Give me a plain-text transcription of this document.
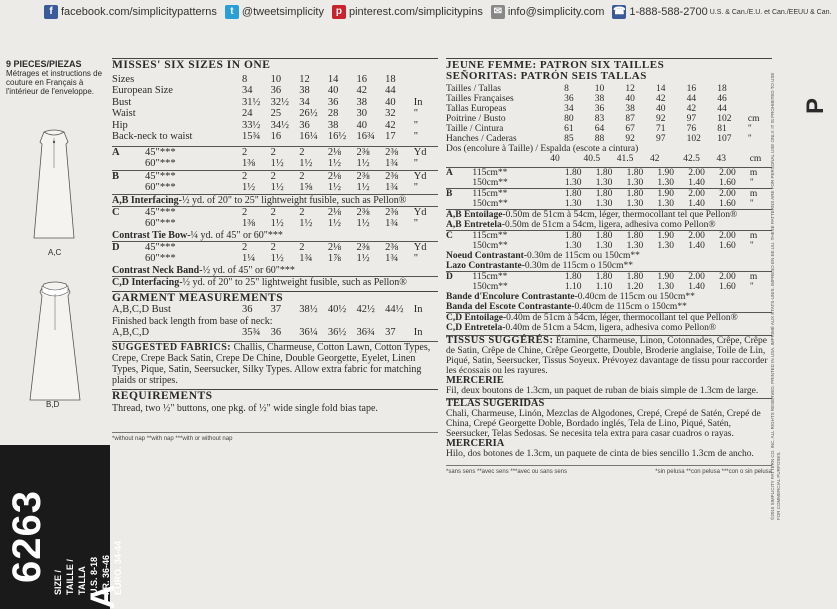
f facebook.com/simplicitypatterns	t @tweetsimplicity	p pinterest.com/simplicitypins ✉ info@simplicity.com ☎ 1-888-588-2700 U.S. & Can./E.U. et Can./EEUU & Can.
9 PIECES/PIEZAS
Métrages et instructions de couture en Français à l'intérieur de l'enveloppe.
A,C
B,D
6263 SIZE / TAILLE / TALLA U.S. 8-18 FR. 36-46 EURO. 34-44
A
MISSES' SIX SIZES IN ONE
Sizes	8	10	12	14	16	18	
European Size	34	36	38	40	42	44	
Bust	31½	32½	34	36	38	40	In
Waist	24	25	26½	28	30	32	"
Hip	33½	34½	36	38	40	42	"
Back-neck to waist	15¾	16	16¼	16½	16¾	17	"
A	45"***	2	2	2	2⅛	2⅜	2⅜	Yd
	60"***	1⅜	1½	1½	1½	1½	1¾	"
B	45"***	2	2	2	2⅛	2⅜	2⅜	Yd
	60"***	1½	1½	1⅝	1½	1½	1¾	"
A,B Interfacing-½ yd. of 20" to 25" lightweight fusible, such as Pellon®
C	45"***	2	2	2	2⅛	2⅜	2⅜	Yd
	60"***	1⅜	1½	1½	1½	1½	1¾	"
Contrast Tie Bow-¼ yd. of 45" or 60"***
D	45"***	2	2	2	2⅛	2⅜	2⅜	Yd
	60"***	1¼	1½	1¾	1⅞	1½	1¾	"
Contrast Neck Band-½ yd. of 45" or 60"***
C,D Interfacing-½ yd. of 20" to 25" lightweight fusible, such as Pellon®
GARMENT MEASUREMENTS
A,B,C,D Bust	36	37	38½	40½	42½	44½	In
Finished back length from base of neck:
A,B,C,D	35¾	36	36¼	36½	36¾	37	In
SUGGESTED FABRICS: Challis, Charmeuse, Cotton Lawn, Cotton Types, Crepe, Crepe Back Satin, Crepe De Chine, Double Georgette, Eyelet, Linen Types, Pique, Satin, Seersucker, Silky Types. Allow extra fabric for matching plaids or stripes.
REQUIREMENTS
Thread, two ½" buttons, one pkg. of ½" wide single fold bias tape.
*without nap **with nap ***with or without nap
JEUNE FEMME: PATRON SIX TAILLES
SEÑORITAS: PATRÓN SEIS TALLAS
Tailles / Tallas	8	10	12	14	16	18	
Tailles Françaises	36	38	40	42	44	46	
Tallas Europeas	34	36	38	40	42	44	
Poitrine / Busto	80	83	87	92	97	102	cm
Taille / Cintura	61	64	67	71	76	81	"
Hanches / Caderas	85	88	92	97	102	107	"
Dos (encolure à Taille) / Espalda (escote a cintura)
	40	40.5	41.5	42	42.5	43	cm
A	115cm**	1.80	1.80	1.80	1.90	2.00	2.00	m
	150cm**	1.30	1.30	1.30	1.30	1.40	1.60	"
B	115cm**	1.80	1.80	1.80	1.90	2.00	2.00	m
	150cm**	1.30	1.30	1.30	1.30	1.40	1.60	"
A,B Entoilage-0.50m de 51cm à 54cm, léger, thermocollant tel que Pellon®
A,B Entretela-0.50m de 51cm a 54cm, ligera, adhesiva como Pellon®
C	115cm**	1.80	1.80	1.80	1.90	2.00	2.00	m
	150cm**	1.30	1.30	1.30	1.30	1.40	1.60	"
Noeud Contrastant-0.30m de 115cm ou 150cm**
Lazo Contrastante-0.30m de 115cm o 150cm**
D	115cm**	1.80	1.80	1.80	1.90	2.00	2.00	m
	150cm**	1.10	1.10	1.20	1.30	1.40	1.60	"
Bande d'Encolure Contrastante-0.40cm de 115cm ou 150cm**
Banda del Escote Contrastante-0.40cm de 115cm o 150cm**
C,D Entoilage-0.40m de 51cm à 54cm, léger, thermocollant tel que Pellon®
C,D Entretela-0.40m de 51cm a 54cm, ligera, adhesiva como Pellon®
TISSUS SUGGÉRÉS: Étamine, Charmeuse, Linon, Cotonnades, Crêpe, Crêpe de Satin, Crêpe de Chine, Crêpe Georgette, Double, Broderie anglaise, Toile de Lin, Piqué, Satin, Seersucker, Tissus Soyeux. Prévoyez davantage de tissu pour raccorder les écossais ou les rayures.
MERCERIE
Fil, deux boutons de 1.3cm, un paquet de ruban de biais simple de 1.3cm de large.
TELAS SUGERIDAS
Chali, Charmeuse, Linón, Mezclas de Algodones, Crepé, Crepé de Satén, Crepé de China, Crepé Georgette Doble, Bordado inglés, Tela de Lino, Piqué, Satén, Seersucker, Telas Sedosas. Se necesita tela extra para casar cuadros o rayas.
MERCERIA
Hilo, dos botones de 1.3cm, un paquete de cinta de bies sencillo 1.3cm de ancho.
*sans sens **avec sens ***avec ou sans sens	*sin pelusa **con pelusa ***con o sin pelusa
P
©2015 SIMPLICITY PATTERN CO. INC. ALL RIGHTS RESERVED. PRINTED IN USA. IMPRIMÉ AUX ÉTATS-UNIS. IMPRESO EN EE.UU. THESE PATTERNS ARE FOR PERSONAL USE ONLY. IT IS PROHIBITED TO USE FOR COMMERCIAL PURPOSES.
